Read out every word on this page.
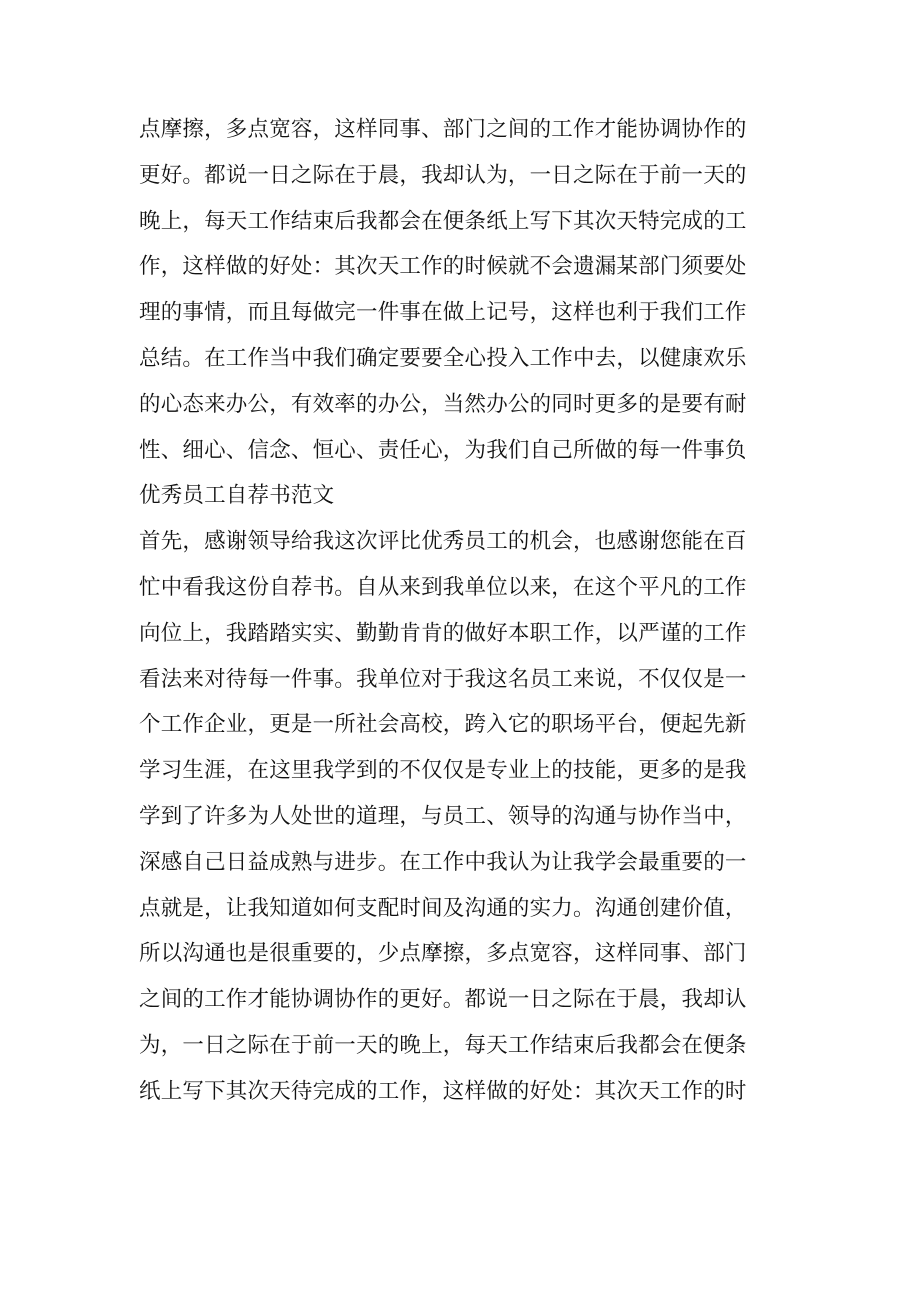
点摩擦，多点宽容，这样同事、部门之间的工作才能协调协作的
更好。都说一日之际在于晨，我却认为，一日之际在于前一天的
晚上，每天工作结束后我都会在便条纸上写下其次天特完成的工
作，这样做的好处：其次天工作的时候就不会遗漏某部门须要处
理的事情，而且每做完一件事在做上记号，这样也利于我们工作
总结。在工作当中我们确定要要全心投入工作中去，以健康欢乐
的心态来办公，有效率的办公，当然办公的同时更多的是要有耐
性、细心、信念、恒心、责任心，为我们自己所做的每一件事负
优秀员工自荐书范文
首先，感谢领导给我这次评比优秀员工的机会，也感谢您能在百
忙中看我这份自荐书。自从来到我单位以来，在这个平凡的工作
向位上，我踏踏实实、勤勤肯肯的做好本职工作，以严谨的工作
看法来对待每一件事。我单位对于我这名员工来说，不仅仅是一
个工作企业，更是一所社会高校，跨入它的职场平台，便起先新
学习生涯，在这里我学到的不仅仅是专业上的技能，更多的是我
学到了许多为人处世的道理，与员工、领导的沟通与协作当中，
深感自己日益成熟与进步。在工作中我认为让我学会最重要的一
点就是，让我知道如何支配时间及沟通的实力。沟通创建价值，
所以沟通也是很重要的，少点摩擦，多点宽容，这样同事、部门
之间的工作才能协调协作的更好。都说一日之际在于晨，我却认
为，一日之际在于前一天的晚上，每天工作结束后我都会在便条
纸上写下其次天待完成的工作，这样做的好处：其次天工作的时
